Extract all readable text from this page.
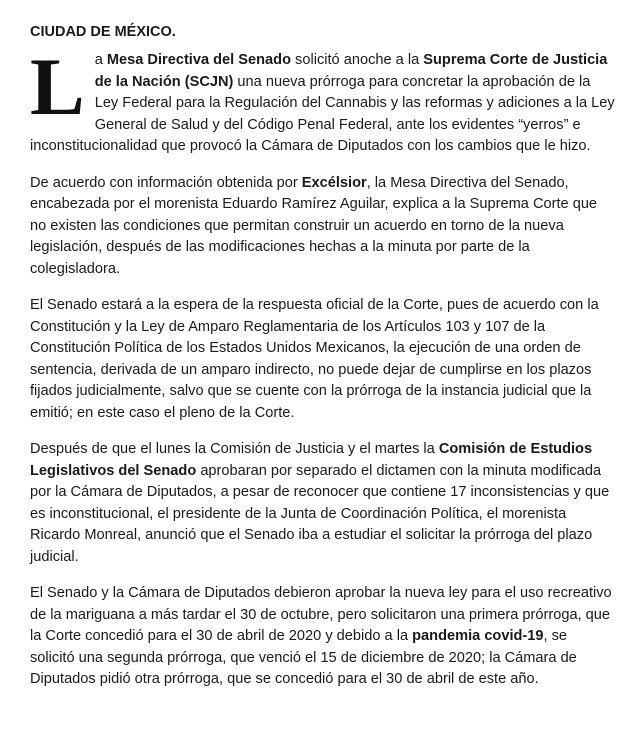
CIUDAD DE MÉXICO.

La Mesa Directiva del Senado solicitó anoche a la Suprema Corte de Justicia de la Nación (SCJN) una nueva prórroga para concretar la aprobación de la Ley Federal para la Regulación del Cannabis y las reformas y adiciones a la Ley General de Salud y del Código Penal Federal, ante los evidentes “yerros” e inconstitucionalidad que provocó la Cámara de Diputados con los cambios que le hizo.

De acuerdo con información obtenida por Excélsior, la Mesa Directiva del Senado, encabezada por el morenista Eduardo Ramírez Aguilar, explica a la Suprema Corte que no existen las condiciones que permitan construir un acuerdo en torno de la nueva legislación, después de las modificaciones hechas a la minuta por parte de la colegisladora.

El Senado estará a la espera de la respuesta oficial de la Corte, pues de acuerdo con la Constitución y la Ley de Amparo Reglamentaria de los Artículos 103 y 107 de la Constitución Política de los Estados Unidos Mexicanos, la ejecución de una orden de sentencia, derivada de un amparo indirecto, no puede dejar de cumplirse en los plazos fijados judicialmente, salvo que se cuente con la prórroga de la instancia judicial que la emitió; en este caso el pleno de la Corte.

Después de que el lunes la Comisión de Justicia y el martes la Comisión de Estudios Legislativos del Senado aprobaran por separado el dictamen con la minuta modificada por la Cámara de Diputados, a pesar de reconocer que contiene 17 inconsistencias y que es inconstitucional, el presidente de la Junta de Coordinación Política, el morenista Ricardo Monreal, anunció que el Senado iba a estudiar el solicitar la prórroga del plazo judicial.

El Senado y la Cámara de Diputados debieron aprobar la nueva ley para el uso recreativo de la mariguana a más tardar el 30 de octubre, pero solicitaron una primera prórroga, que la Corte concedió para el 30 de abril de 2020 y debido a la pandemia covid-19, se solicitó una segunda prórroga, que venció el 15 de diciembre de 2020; la Cámara de Diputados pidió otra prórroga, que se concedió para el 30 de abril de este año.
